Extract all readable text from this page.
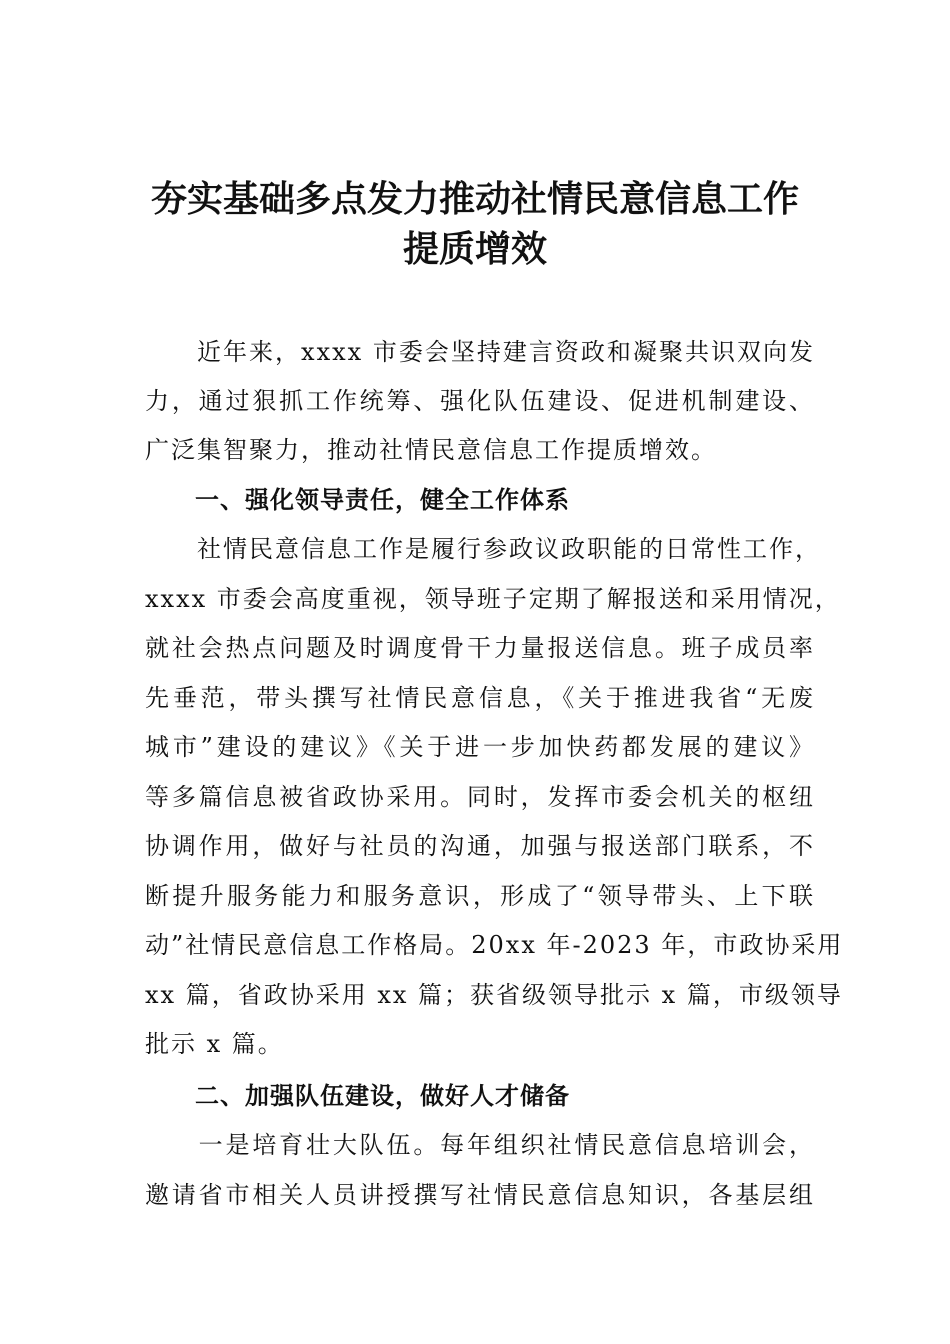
夯实基础多点发力推动社情民意信息工作
提质增效

　　近年来，xxxx 市委会坚持建言资政和凝聚共识双向发

力，通过狠抓工作统筹、强化队伍建设、促进机制建设、

广泛集智聚力，推动社情民意信息工作提质增效。

一、强化领导责任，健全工作体系

　　社情民意信息工作是履行参政议政职能的日常性工作，

xxxx 市委会高度重视，领导班子定期了解报送和采用情况，

就社会热点问题及时调度骨干力量报送信息。班子成员率

先垂范，带头撰写社情民意信息，《关于推进我省“无废

城市”建设的建议》《关于进一步加快药都发展的建议》

等多篇信息被省政协采用。同时，发挥市委会机关的枢纽

协调作用，做好与社员的沟通，加强与报送部门联系，不

断提升服务能力和服务意识，形成了“领导带头、上下联

动”社情民意信息工作格局。20xx 年-2023 年，市政协采用

xx 篇，省政协采用 xx 篇；获省级领导批示 x 篇，市级领导

批示 x 篇。

二、加强队伍建设，做好人才储备

　　一是培育壮大队伍。每年组织社情民意信息培训会，

邀请省市相关人员讲授撰写社情民意信息知识，各基层组
